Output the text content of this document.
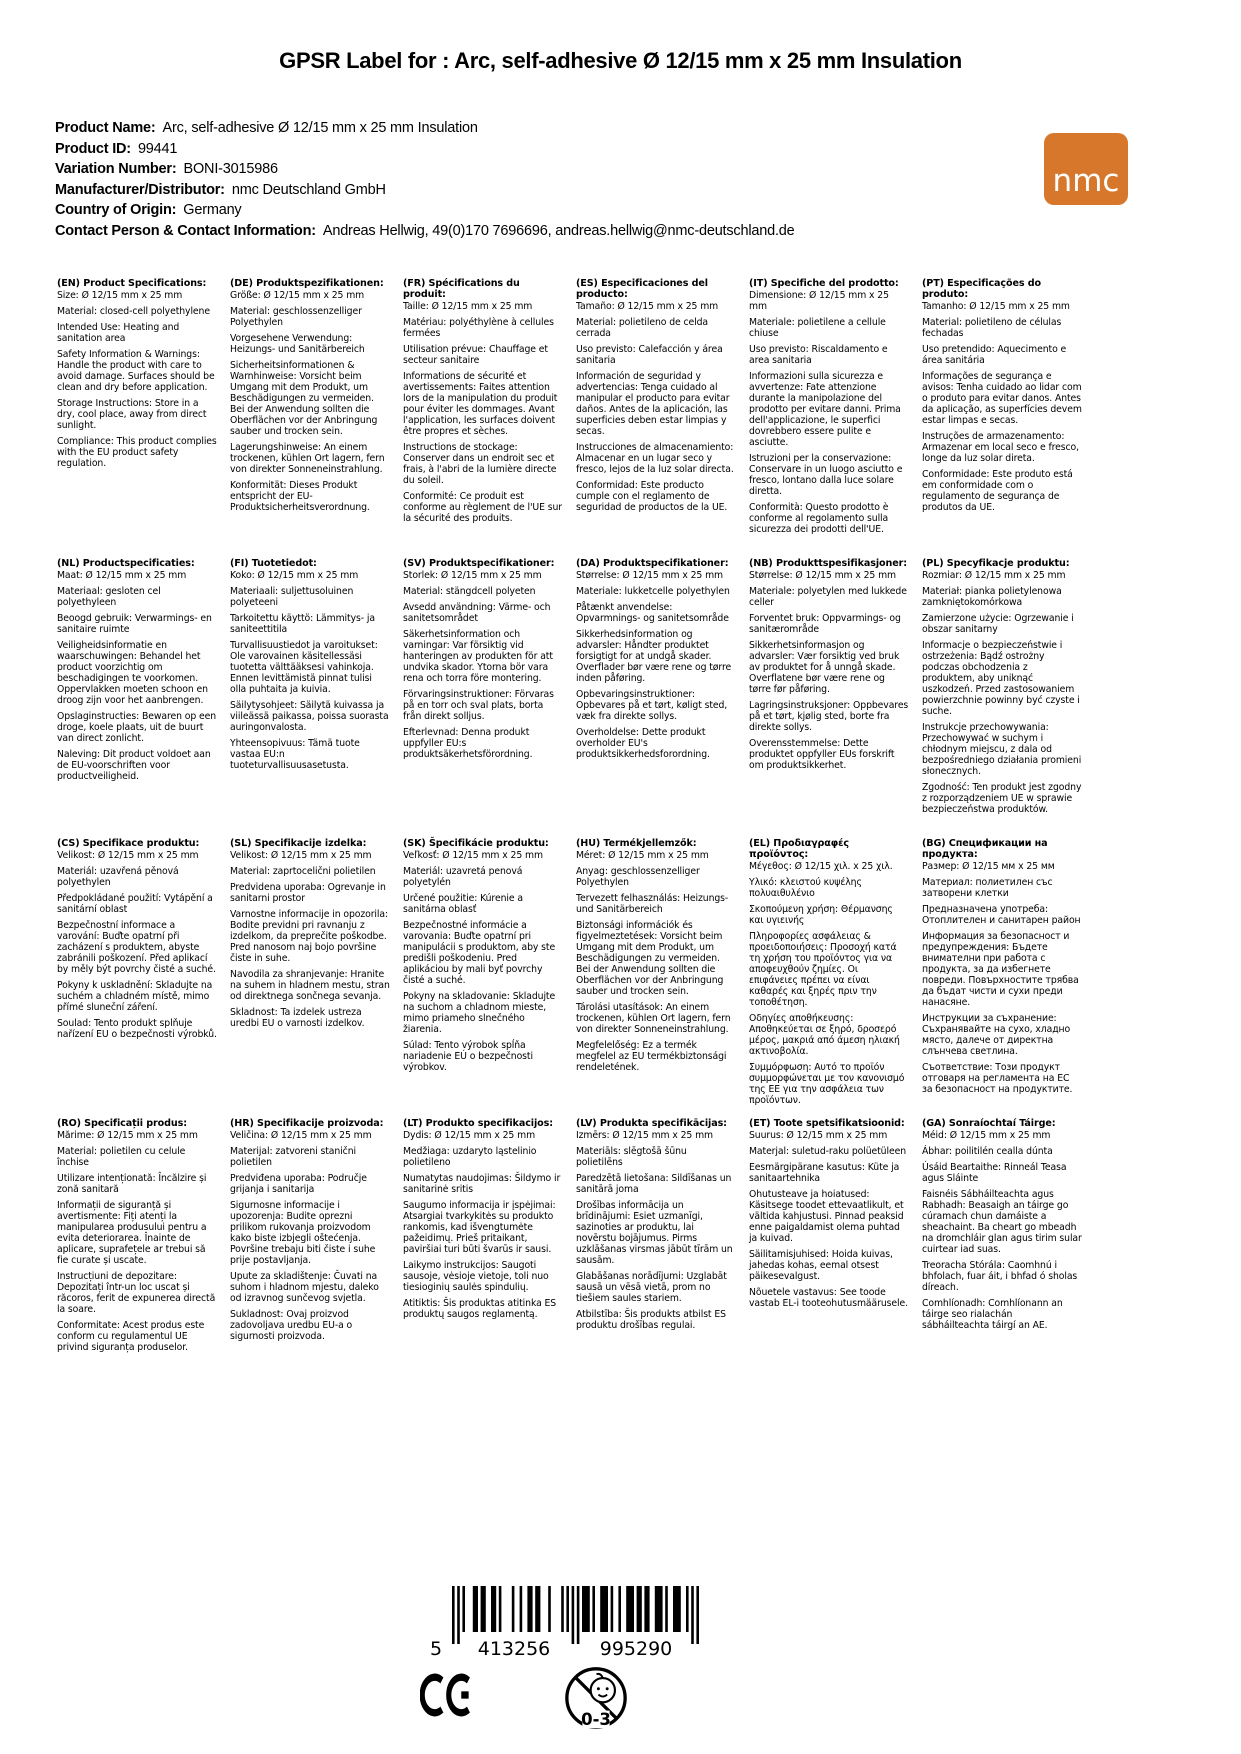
GPSR Label for : Arc, self-adhesive Ø 12/15 mm x 25 mm Insulation
Product Name: Arc, self-adhesive Ø 12/15 mm x 25 mm Insulation
Product ID: 99441
Variation Number: BONI-3015986
Manufacturer/Distributor: nmc Deutschland GmbH
Country of Origin: Germany
Contact Person & Contact Information: Andreas Hellwig, 49(0)170 7696696, andreas.hellwig@nmc-deutschland.de
nmc
(EN) Product Specifications:

Size: Ø 12/15 mm x 25 mm

Material: closed-cell polyethylene

Intended Use: Heating and sanitation area

Safety Information & Warnings: Handle the product with care to avoid damage. Surfaces should be clean and dry before application.

Storage Instructions: Store in a dry, cool place, away from direct sunlight.

Compliance: This product complies with the EU product safety regulation.

(DE) Produktspezifikationen:

Größe: Ø 12/15 mm x 25 mm

Material: geschlossenzelliger Polyethylen

Vorgesehene Verwendung: Heizungs- und Sanitärbereich

Sicherheitsinformationen & Warnhinweise: Vorsicht beim Umgang mit dem Produkt, um Beschädigungen zu vermeiden. Bei der Anwendung sollten die Oberflächen vor der Anbringung sauber und trocken sein.

Lagerungshinweise: An einem trockenen, kühlen Ort lagern, fern von direkter Sonneneinstrahlung.

Konformität: Dieses Produkt entspricht der EU-Produktsicherheitsverordnung.

(FR) Spécifications du produit:

Taille: Ø 12/15 mm x 25 mm

Matériau: polyéthylène à cellules fermées

Utilisation prévue: Chauffage et secteur sanitaire

Informations de sécurité et avertissements: Faites attention lors de la manipulation du produit pour éviter les dommages. Avant l'application, les surfaces doivent être propres et sèches.

Instructions de stockage: Conserver dans un endroit sec et frais, à l'abri de la lumière directe du soleil.

Conformité: Ce produit est conforme au règlement de l'UE sur la sécurité des produits.

(ES) Especificaciones del producto:

Tamaño: Ø 12/15 mm x 25 mm

Material: polietileno de celda cerrada

Uso previsto: Calefacción y área sanitaria

Información de seguridad y advertencias: Tenga cuidado al manipular el producto para evitar daños. Antes de la aplicación, las superficies deben estar limpias y secas.

Instrucciones de almacenamiento: Almacenar en un lugar seco y fresco, lejos de la luz solar directa.

Conformidad: Este producto cumple con el reglamento de seguridad de productos de la UE.

(IT) Specifiche del prodotto:

Dimensione: Ø 12/15 mm x 25 mm

Materiale: polietilene a cellule chiuse

Uso previsto: Riscaldamento e area sanitaria

Informazioni sulla sicurezza e avvertenze: Fate attenzione durante la manipolazione del prodotto per evitare danni. Prima dell'applicazione, le superfici dovrebbero essere pulite e asciutte.

Istruzioni per la conservazione: Conservare in un luogo asciutto e fresco, lontano dalla luce solare diretta.

Conformità: Questo prodotto è conforme al regolamento sulla sicurezza dei prodotti dell'UE.

(PT) Especificações do produto:

Tamanho: Ø 12/15 mm x 25 mm

Material: polietileno de células fechadas

Uso pretendido: Aquecimento e área sanitária

Informações de segurança e avisos: Tenha cuidado ao lidar com o produto para evitar danos. Antes da aplicação, as superfícies devem estar limpas e secas.

Instruções de armazenamento: Armazenar em local seco e fresco, longe da luz solar direta.

Conformidade: Este produto está em conformidade com o regulamento de segurança de produtos da UE.

(NL) Productspecificaties:

Maat: Ø 12/15 mm x 25 mm

Materiaal: gesloten cel polyethyleen

Beoogd gebruik: Verwarmings- en sanitaire ruimte

Veiligheidsinformatie en waarschuwingen: Behandel het product voorzichtig om beschadigingen te voorkomen. Oppervlakken moeten schoon en droog zijn voor het aanbrengen.

Opslaginstructies: Bewaren op een droge, koele plaats, uit de buurt van direct zonlicht.

Naleving: Dit product voldoet aan de EU-voorschriften voor productveiligheid.

(FI) Tuotetiedot:

Koko: Ø 12/15 mm x 25 mm

Materiaali: suljettusoluinen polyeteeni

Tarkoitettu käyttö: Lämmitys- ja saniteettitila

Turvallisuustiedot ja varoitukset: Ole varovainen käsitellessäsi tuotetta välttääksesi vahinkoja. Ennen levittämistä pinnat tulisi olla puhtaita ja kuivia.

Säilytysohjeet: Säilytä kuivassa ja viileässä paikassa, poissa suorasta auringonvalosta.

Yhteensopivuus: Tämä tuote vastaa EU:n tuoteturvallisuusasetusta.

(SV) Produktspecifikationer:

Storlek: Ø 12/15 mm x 25 mm

Material: stängdcell polyeten

Avsedd användning: Värme- och sanitetsområdet

Säkerhetsinformation och varningar: Var försiktig vid hanteringen av produkten för att undvika skador. Ytorna bör vara rena och torra före montering.

Förvaringsinstruktioner: Förvaras på en torr och sval plats, borta från direkt solljus.

Efterlevnad: Denna produkt uppfyller EU:s produktsäkerhetsförordning.

(DA) Produktspecifikationer:

Størrelse: Ø 12/15 mm x 25 mm

Materiale: lukketcelle polyethylen

Påtænkt anvendelse: Opvarmnings- og sanitetsområde

Sikkerhedsinformation og advarsler: Håndter produktet forsigtigt for at undgå skader. Overflader bør være rene og tørre inden påføring.

Opbevaringsinstruktioner: Opbevares på et tørt, køligt sted, væk fra direkte sollys.

Overholdelse: Dette produkt overholder EU's produktsikkerhedsforordning.

(NB) Produkttspesifikasjoner:

Størrelse: Ø 12/15 mm x 25 mm

Materiale: polyetylen med lukkede celler

Forventet bruk: Oppvarmings- og sanitærområde

Sikkerhetsinformasjon og advarsler: Vær forsiktig ved bruk av produktet for å unngå skade. Overflatene bør være rene og tørre før påføring.

Lagringsinstruksjoner: Oppbevares på et tørt, kjølig sted, borte fra direkte sollys.

Overensstemmelse: Dette produktet oppfyller EUs forskrift om produktsikkerhet.

(PL) Specyfikacje produktu:

Rozmiar: Ø 12/15 mm x 25 mm

Materiał: pianka polietylenowa zamkniętokomórkowa

Zamierzone użycie: Ogrzewanie i obszar sanitarny

Informacje o bezpieczeństwie i ostrzeżenia: Bądź ostrożny podczas obchodzenia z produktem, aby uniknąć uszkodzeń. Przed zastosowaniem powierzchnie powinny być czyste i suche.

Instrukcje przechowywania: Przechowywać w suchym i chłodnym miejscu, z dala od bezpośredniego działania promieni słonecznych.

Zgodność: Ten produkt jest zgodny z rozporządzeniem UE w sprawie bezpieczeństwa produktów.

(CS) Specifikace produktu:

Velikost: Ø 12/15 mm x 25 mm

Materiál: uzavřená pěnová polyethylen

Předpokládané použití: Vytápění a sanitární oblast

Bezpečnostní informace a varování: Buďte opatrní při zacházení s produktem, abyste zabránili poškození. Před aplikací by měly být povrchy čisté a suché.

Pokyny k uskladnění: Skladujte na suchém a chladném místě, mimo přímé sluneční záření.

Soulad: Tento produkt splňuje nařízení EU o bezpečnosti výrobků.

(SL) Specifikacije izdelka:

Velikost: Ø 12/15 mm x 25 mm

Material: zaprtocelični polietilen

Predvidena uporaba: Ogrevanje in sanitarni prostor

Varnostne informacije in opozorila: Bodite previdni pri ravnanju z izdelkom, da preprečite poškodbe. Pred nanosom naj bojo površine čiste in suhe.

Navodila za shranjevanje: Hranite na suhem in hladnem mestu, stran od direktnega sončnega sevanja.

Skladnost: Ta izdelek ustreza uredbi EU o varnosti izdelkov.

(SK) Špecifikácie produktu:

Veľkosť: Ø 12/15 mm x 25 mm

Materiál: uzavretá penová polyetylén

Určené použitie: Kúrenie a sanitárna oblasť

Bezpečnostné informácie a varovania: Buďte opatrní pri manipulácii s produktom, aby ste predišli poškodeniu. Pred aplikáciou by mali byť povrchy čisté a suché.

Pokyny na skladovanie: Skladujte na suchom a chladnom mieste, mimo priameho slnečného žiarenia.

Súlad: Tento výrobok spĺňa nariadenie EÚ o bezpečnosti výrobkov.

(HU) Termékjellemzők:

Méret: Ø 12/15 mm x 25 mm

Anyag: geschlossenzelliger Polyethylen

Tervezett felhasználás: Heizungs- und Sanitärbereich

Biztonsági információk és figyelmeztetések: Vorsicht beim Umgang mit dem Produkt, um Beschädigungen zu vermeiden. Bei der Anwendung sollten die Oberflächen vor der Anbringung sauber und trocken sein.

Tárolási utasítások: An einem trockenen, kühlen Ort lagern, fern von direkter Sonneneinstrahlung.

Megfelelőség: Ez a termék megfelel az EU termékbiztonsági rendeletének.

(EL) Προδιαγραφές προϊόντος:

Μέγεθος: Ø 12/15 χιλ. x 25 χιλ.

Υλικό: κλειστού κυψέλης πολυαιθυλένιο

Σκοπούμενη χρήση: Θέρμανσης και υγιεινής

Πληροφορίες ασφάλειας & προειδοποιήσεις: Προσοχή κατά τη χρήση του προϊόντος για να αποφευχθούν ζημίες. Οι επιφάνειες πρέπει να είναι καθαρές και ξηρές πριν την τοποθέτηση.

Οδηγίες αποθήκευσης: Αποθηκεύεται σε ξηρό, δροσερό μέρος, μακριά από άμεση ηλιακή ακτινοβολία.

Συμμόρφωση: Αυτό το προϊόν συμμορφώνεται με τον κανονισμό της ΕΕ για την ασφάλεια των προϊόντων.

(BG) Спецификации на продукта:

Размер: Ø 12/15 мм x 25 мм

Материал: полиетилен със затворени клетки

Предназначена употреба: Отоплителен и санитарен район

Информация за безопасност и предупреждения: Бъдете внимателни при работа с продукта, за да избегнете повреди. Повърхностите трябва да бъдат чисти и сухи преди нанасяне.

Инструкции за съхранение: Съхранявайте на сухо, хладно място, далече от директна слънчева светлина.

Съответствие: Този продукт отговаря на регламента на ЕС за безопасност на продуктите.

(RO) Specificații produs:

Mărime: Ø 12/15 mm x 25 mm

Material: polietilen cu celule închise

Utilizare intenționată: Încălzire și zonă sanitară

Informații de siguranță și avertismente: Fiți atenți la manipularea produsului pentru a evita deteriorarea. Înainte de aplicare, suprafețele ar trebui să fie curate și uscate.

Instrucțiuni de depozitare: Depozitați într-un loc uscat și răcoros, ferit de expunerea directă la soare.

Conformitate: Acest produs este conform cu regulamentul UE privind siguranța produselor.

(HR) Specifikacije proizvoda:

Veličina: Ø 12/15 mm x 25 mm

Materijal: zatvoreni stanični polietilen

Predviđena uporaba: Područje grijanja i sanitarija

Sigurnosne informacije i upozorenja: Budite oprezni prilikom rukovanja proizvodom kako biste izbjegli oštećenja. Površine trebaju biti čiste i suhe prije postavljanja.

Upute za skladištenje: Čuvati na suhom i hladnom mjestu, daleko od izravnog sunčevog svjetla.

Sukladnost: Ovaj proizvod zadovoljava uredbu EU-a o sigurnosti proizvoda.

(LT) Produkto specifikacijos:

Dydis: Ø 12/15 mm x 25 mm

Medžiaga: uzdaryto ląstelinio polietileno

Numatytas naudojimas: Šildymo ir sanitarinė sritis

Saugumo informacija ir įspėjimai: Atsargiai tvarkykitės su produkto rankomis, kad išvengtumėte pažeidimų. Prieš pritaikant, paviršiai turi būti švarūs ir sausi.

Laikymo instrukcijos: Saugoti sausoje, vėsioje vietoje, toli nuo tiesioginių saulės spindulių.

Atitiktis: Šis produktas atitinka ES produktų saugos reglamentą.

(LV) Produkta specifikācijas:

Izmērs: Ø 12/15 mm x 25 mm

Materiāls: slēgtošā šūnu polietilēns

Paredzētā lietošana: Sildīšanas un sanitārā joma

Drošības informācija un brīdinājumi: Esiet uzmanīgi, sazinoties ar produktu, lai novērstu bojājumus. Pirms uzklāšanas virsmas jābūt tīrām un sausām.

Glabāšanas norādījumi: Uzglabāt sausā un vēsā vietā, prom no tiešiem saules stariem.

Atbilstība: Šis produkts atbilst ES produktu drošības regulai.

(ET) Toote spetsifikatsioonid:

Suurus: Ø 12/15 mm x 25 mm

Materjal: suletud-raku polüetüleen

Eesmärgipärane kasutus: Küte ja sanitaartehnika

Ohutusteave ja hoiatused: Käsitsege toodet ettevaatlikult, et vältida kahjustusi. Pinnad peaksid enne paigaldamist olema puhtad ja kuivad.

Säilitamisjuhised: Hoida kuivas, jahedas kohas, eemal otsest päikesevalgust.

Nõuetele vastavus: See toode vastab EL-i tooteohutusmäärusele.

(GA) Sonraíochtaí Táirge:

Méid: Ø 12/15 mm x 25 mm

Ábhar: poilitilén cealla dúnta

Úsáid Beartaithe: Rinneál Teasa agus Sláinte

Faisnéis Sábháilteachta agus Rabhadh: Beasaigh an táirge go cúramach chun damáiste a sheachaint. Ba cheart go mbeadh na dromchláir glan agus tirim sular cuirtear iad suas.

Treoracha Stórála: Caomhnú i bhfolach, fuar áit, i bhfad ó sholas díreach.

Comhlíonadh: Comhlíonann an táirge seo rialachán sábháilteachta táirgí an AE.

5 413256	995290
0-3
